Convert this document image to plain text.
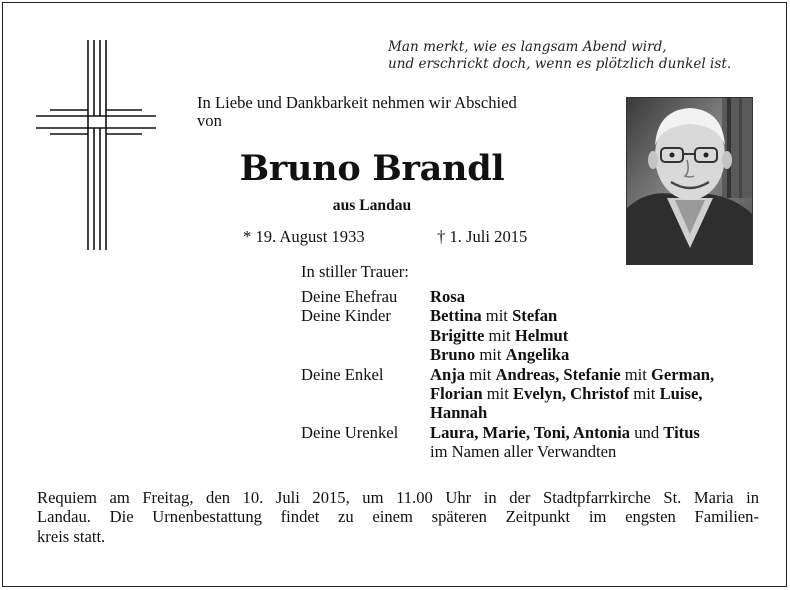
Man merkt, wie es langsam Abend wird,
und erschrickt doch, wenn es plötzlich dunkel ist.
In Liebe und Dankbarkeit nehmen wir Abschied
von
Bruno Brandl
aus Landau
* 19. August 1933	† 1. Juli 2015
In stiller Trauer:
Deine Ehefrau	Rosa
Deine Kinder	Bettina mit Stefan
Brigitte mit Helmut
Bruno mit Angelika
Deine Enkel	Anja mit Andreas, Stefanie mit German,
Florian mit Evelyn, Christof mit Luise,
Hannah
Deine Urenkel	Laura, Marie, Toni, Antonia und Titus
im Namen aller Verwandten
Requiem am Freitag, den 10. Juli 2015, um 11.00 Uhr in der Stadtpfarrkirche St. Maria in
Landau. Die Urnenbestattung findet zu einem späteren Zeitpunkt im engsten Familien-
kreis statt.
